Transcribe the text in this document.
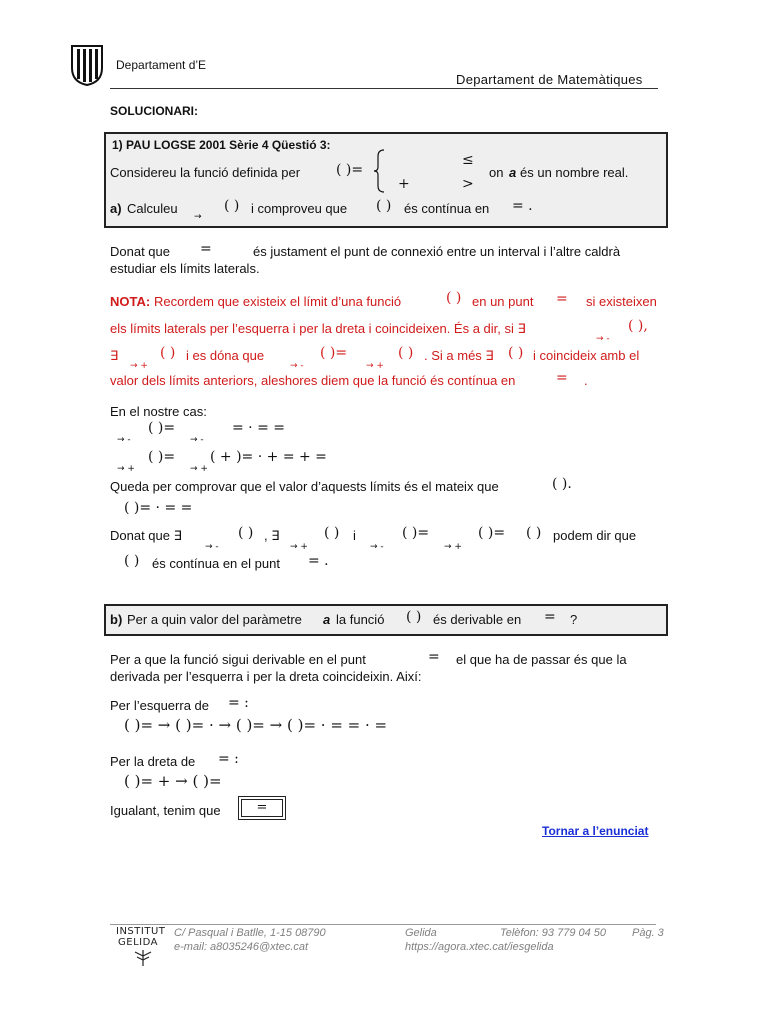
Departament d’E
Departament de Matemàtiques
SOLUCIONARI:
1) PAU LOGSE 2001 Sèrie 4 Qüestió 3:
Considereu la funció definida per	( )=
≤
+	>
on a és un nombre real.
a) Calculeu
→
( ) i comproveu que ( ) és contínua en = .
Donat que =	és justament el punt de connexió entre un interval i l’altre caldrà
estudiar els límits laterals.
NOTA: Recordem que existeix el límit d’una funció	( ) en un punt = si existeixen
els límits laterals per l’esquerra i per la dreta i coincideixen. És a dir, si ∃
→ -
( ),
∃
→ +
( ) i es dóna que
→ -
( )=
→ +
( ) . Si a més ∃ ( ) i coincideix amb el
valor dels límits anteriors, aleshores diem que la funció és contínua en	= .
En el nostre cas:
→ -
( )=
→ -
= · = =
→ +
( )=
→ +
( + )= · + = + =
Queda per comprovar que el valor d’aquests límits és el mateix que	( ).
( )= · = =
Donat que ∃
→ -
( ) , ∃
→ +
( ) i
→ -
( )=
→ +
( )= ( ) podem dir que
( ) és contínua en el punt = .
b) Per a quin valor del paràmetre a la funció ( ) és derivable en = ?
Per a que la funció sigui derivable en el punt	= el que ha de passar és que la
derivada per l’esquerra i per la dreta coincideixin. Així:
Per l’esquerra de = :
( )= → ( )= · → ( )= → ( )= · = = · =
Per la dreta de = :
( )= + → ( )=
Igualant, tenim que	=
Tornar a l’enunciat
INSTITUT
GELIDA
C/ Pasqual i Batlle, 1-15 08790
e-mail: a8035246@xtec.cat
Gelida
https://agora.xtec.cat/iesgelida
Telèfon: 93 779 04 50 Pàg. 3
